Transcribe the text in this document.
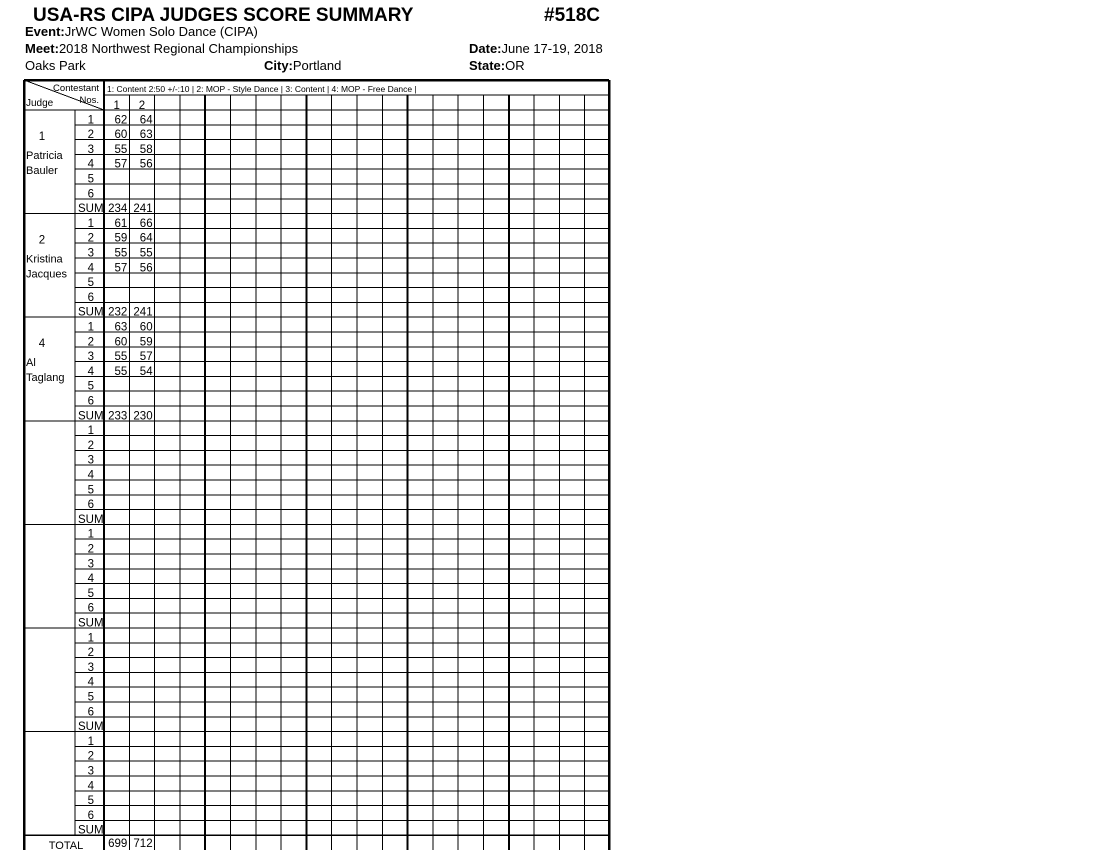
USA-RS CIPA JUDGES SCORE SUMMARY	#518C
Event:JrWC Women Solo Dance (CIPA)
Meet:2018 Northwest Regional Championships	Date:June 17-19, 2018
Oaks Park	City:Portland	State:OR
Contestant
Nos.
Judge
1: Content 2:50 +/-:10 | 2: MOP - Style Dance | 3: Content | 4: MOP - Free Dance |
1 2
1
Patricia
Bauler
1 62 64
2 60 63
3 55 58
4 57 56
5
6
SUM 234 241
2
Kristina
Jacques
1 61 66
2 59 64
3 55 55
4 57 56
5
6
SUM 232 241
4
Al
Taglang
1 63 60
2 60 59
3 55 57
4 55 54
5
6
SUM 233 230
1
2
3
4
5
6
SUM
1
2
3
4
5
6
SUM
1
2
3
4
5
6
SUM
1
2
3
4
5
6
SUM
TOTAL 699 712
